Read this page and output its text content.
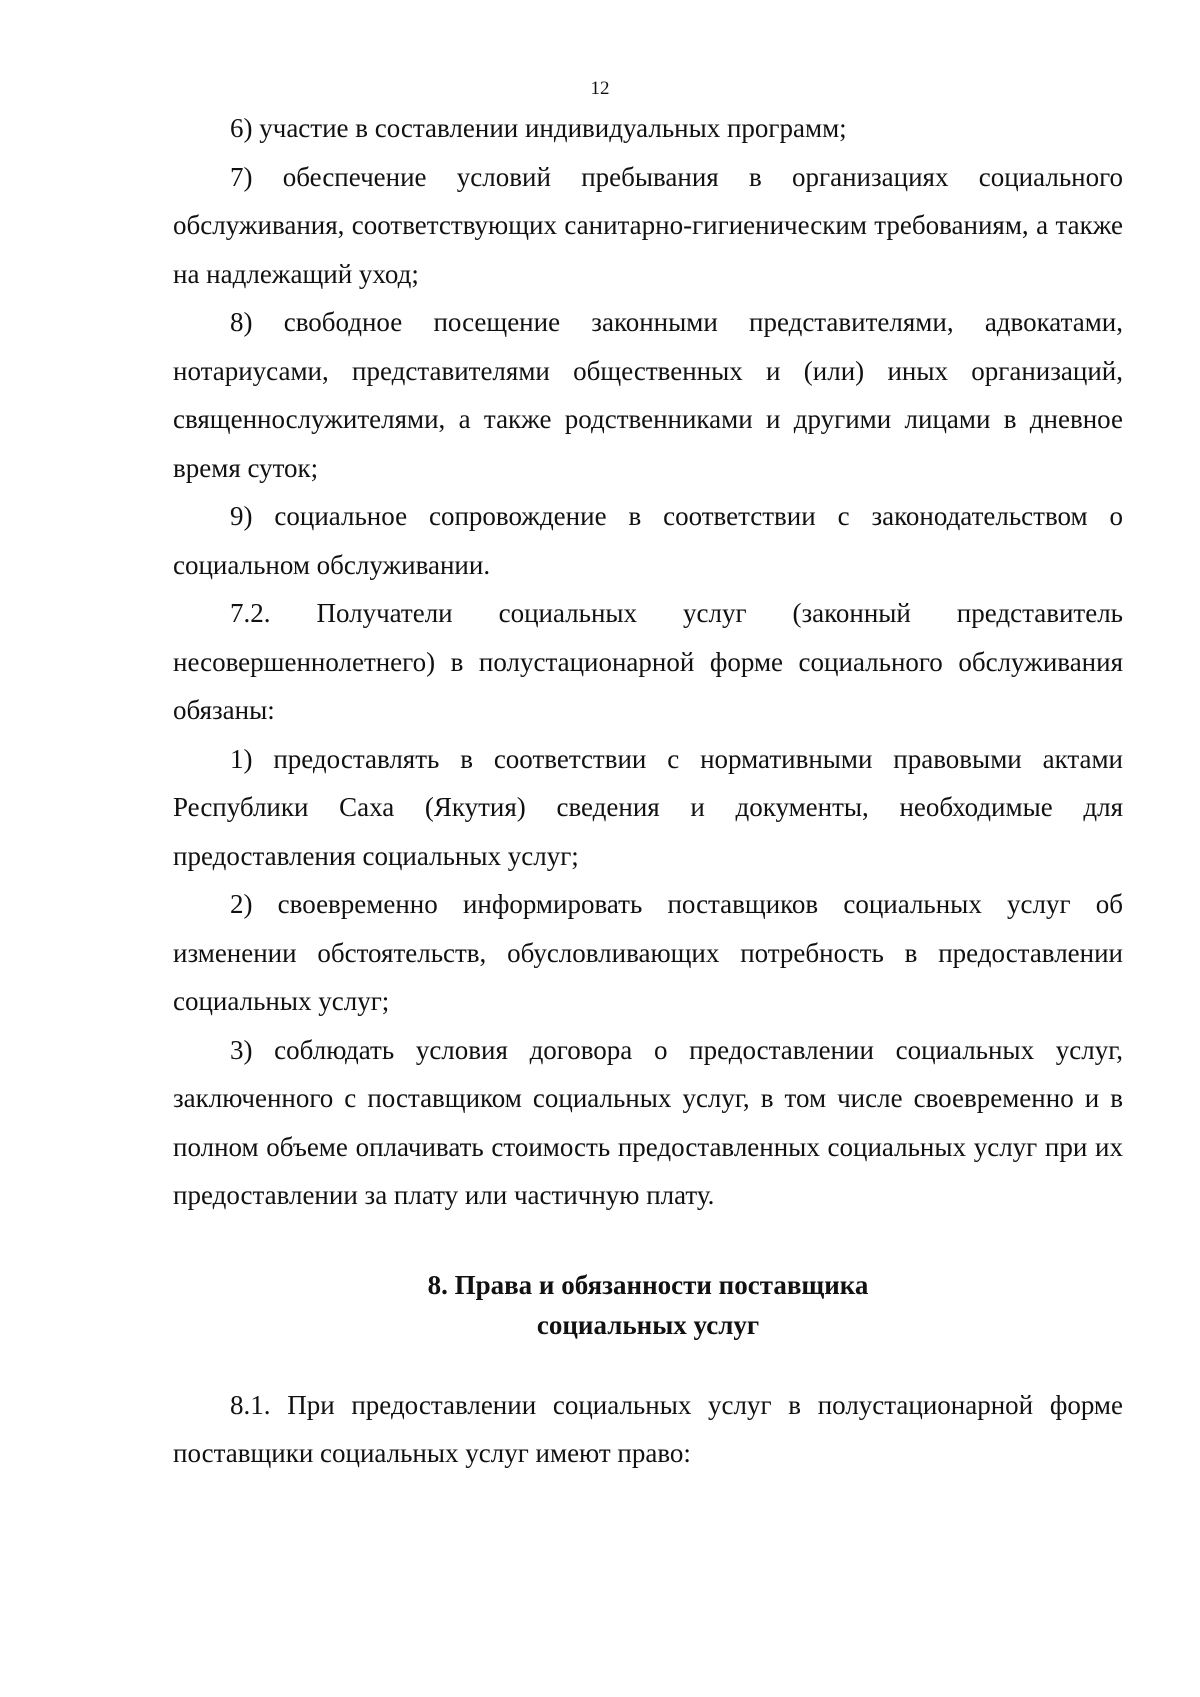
12

6) участие в составлении индивидуальных программ;

7) обеспечение условий пребывания в организациях социального обслуживания, соответствующих санитарно-гигиеническим требованиям, а также на надлежащий уход;

8) свободное посещение законными представителями, адвокатами, нотариусами, представителями общественных и (или) иных организаций, священнослужителями, а также родственниками и другими лицами в дневное время суток;

9) социальное сопровождение в соответствии с законодательством о социальном обслуживании.

7.2. Получатели социальных услуг (законный представитель несовершеннолетнего) в полустационарной форме социального обслуживания обязаны:

1) предоставлять в соответствии с нормативными правовыми актами Республики Саха (Якутия) сведения и документы, необходимые для предоставления социальных услуг;

2) своевременно информировать поставщиков социальных услуг об изменении обстоятельств, обусловливающих потребность в предоставлении социальных услуг;

3) соблюдать условия договора о предоставлении социальных услуг, заключенного с поставщиком социальных услуг, в том числе своевременно и в полном объеме оплачивать стоимость предоставленных социальных услуг при их предоставлении за плату или частичную плату.

8. Права и обязанности поставщика
социальных услуг

8.1. При предоставлении социальных услуг в полустационарной форме поставщики социальных услуг имеют право:
